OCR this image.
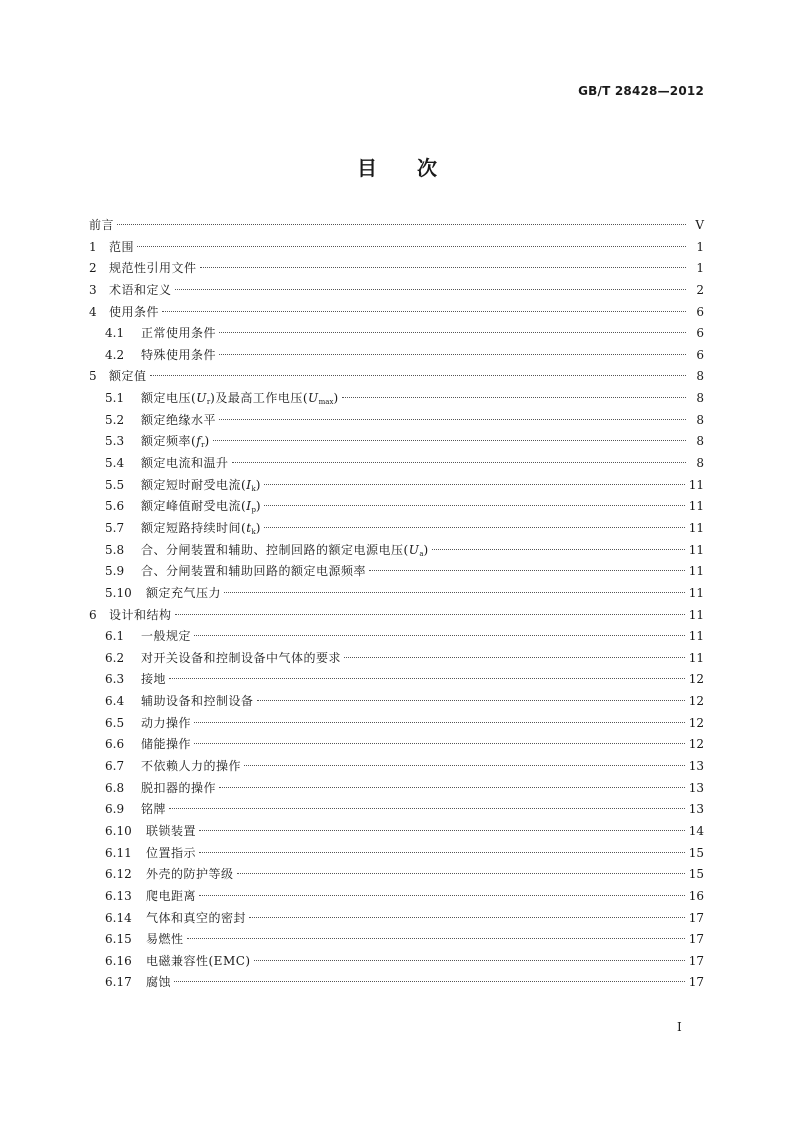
GB/T 28428—2012
目 次
前言	Ⅴ
1	范围	1
2	规范性引用文件	1
3	术语和定义	2
4	使用条件	6
4.1	正常使用条件	6
4.2	特殊使用条件	6
5	额定值	8
5.1	额定电压$(U_r)$及最高工作电压$(U_{max})$	8
5.2	额定绝缘水平	8
5.3	额定频率$(f_r)$	8
5.4	额定电流和温升	8
5.5	额定短时耐受电流$(I_k)$	11
5.6	额定峰值耐受电流$(I_p)$	11
5.7	额定短路持续时间$(t_k)$	11
5.8	合、分闸装置和辅助、控制回路的额定电源电压$(U_a)$	11
5.9	合、分闸装置和辅助回路的额定电源频率	11
5.10	额定充气压力	11
6	设计和结构	11
6.1	一般规定	11
6.2	对开关设备和控制设备中气体的要求	11
6.3	接地	12
6.4	辅助设备和控制设备	12
6.5	动力操作	12
6.6	储能操作	12
6.7	不依赖人力的操作	13
6.8	脱扣器的操作	13
6.9	铭牌	13
6.10	联锁装置	14
6.11	位置指示	15
6.12	外壳的防护等级	15
6.13	爬电距离	16
6.14	气体和真空的密封	17
6.15	易燃性	17
6.16	电磁兼容性(EMC)	17
6.17	腐蚀	17
Ⅰ
